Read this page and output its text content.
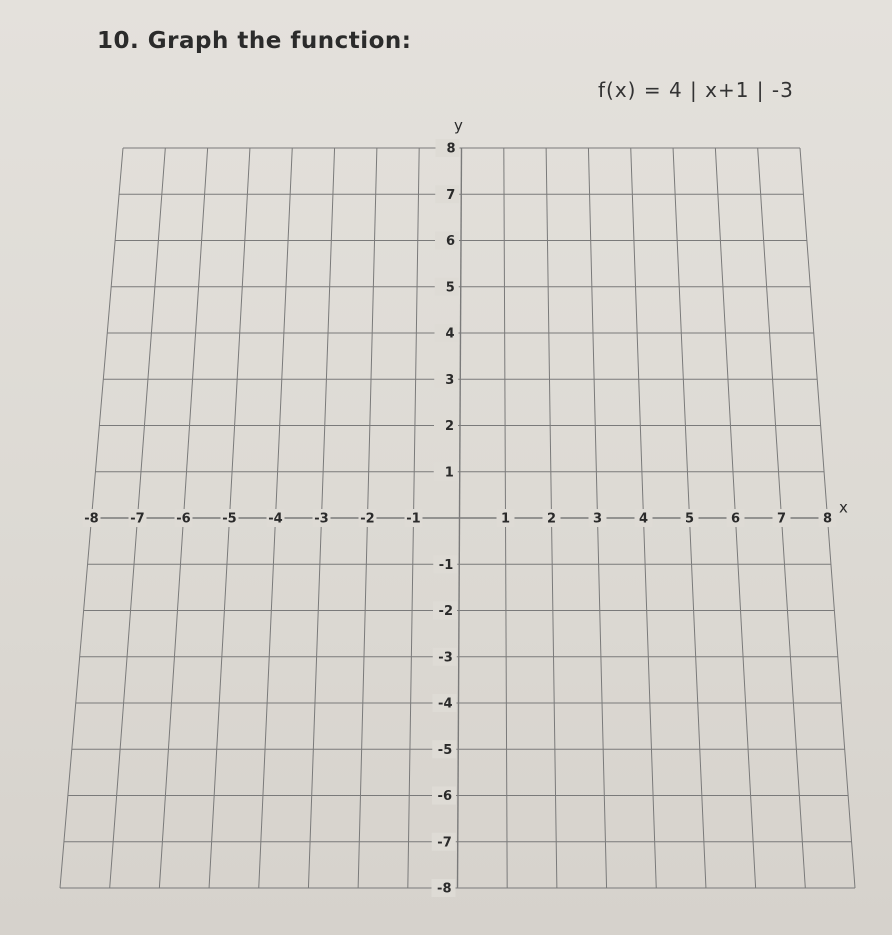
10. Graph the function:
f(x) = 4 | x+1 | -3
-8 -7 -6 -5 -4 -3 -2 -1	1	2	3	4	5	6	7	8
8
7
6
5
4
3
2
1
-1
-2
-3
-4
-5
-6
-7
-8
y
x
